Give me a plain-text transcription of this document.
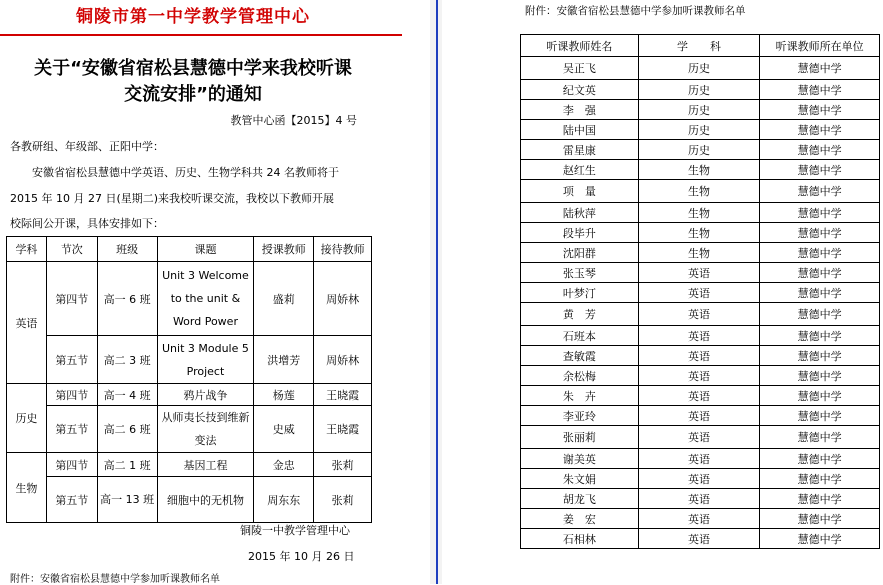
铜陵市第一中学教学管理中心
关于“安徽省宿松县慧德中学来我校听课
交流安排”的通知
教管中心函【2015】4 号
各教研组、年级部、正阳中学：
安徽省宿松县慧德中学英语、历史、生物学科共 24 名教师将于
2015 年 10 月 27 日(星期二)来我校听课交流，我校以下教师开展
校际间公开课，具体安排如下：
学科	节次	班级	课题	授课教师	接待教师
英语	第四节	高一 6 班	Unit 3 Welcome to the unit & Word Power	盛莉	周娇林
	第五节	高二 3 班	Unit 3 Module 5 Project	洪增芳	周娇林
历史	第四节	高一 4 班	鸦片战争	杨莲	王晓霞
	第五节	高二 6 班	从师夷长技到维新变法	史威	王晓霞
生物	第四节	高二 1 班	基因工程	金忠	张莉
	第五节	高一 13 班	细胞中的无机物	周东东	张莉
铜陵一中教学管理中心
2015 年 10 月 26 日
附件：安徽省宿松县慧德中学参加听课教师名单
附件：安徽省宿松县慧德中学参加听课教师名单
听课教师姓名	学　　科	听课教师所在单位
吴正飞	历史	慧德中学
纪文英	历史	慧德中学
李　强	历史	慧德中学
陆中国	历史	慧德中学
雷星康	历史	慧德中学
赵红生	生物	慧德中学
项　量	生物	慧德中学
陆秋萍	生物	慧德中学
段毕升	生物	慧德中学
沈阳群	生物	慧德中学
张玉琴	英语	慧德中学
叶梦汀	英语	慧德中学
黄　芳	英语	慧德中学
石班本	英语	慧德中学
查敏霞	英语	慧德中学
余松梅	英语	慧德中学
朱　卉	英语	慧德中学
李亚玲	英语	慧德中学
张丽莉	英语	慧德中学
谢美英	英语	慧德中学
朱文娟	英语	慧德中学
胡龙飞	英语	慧德中学
姜　宏	英语	慧德中学
石相林	英语	慧德中学
